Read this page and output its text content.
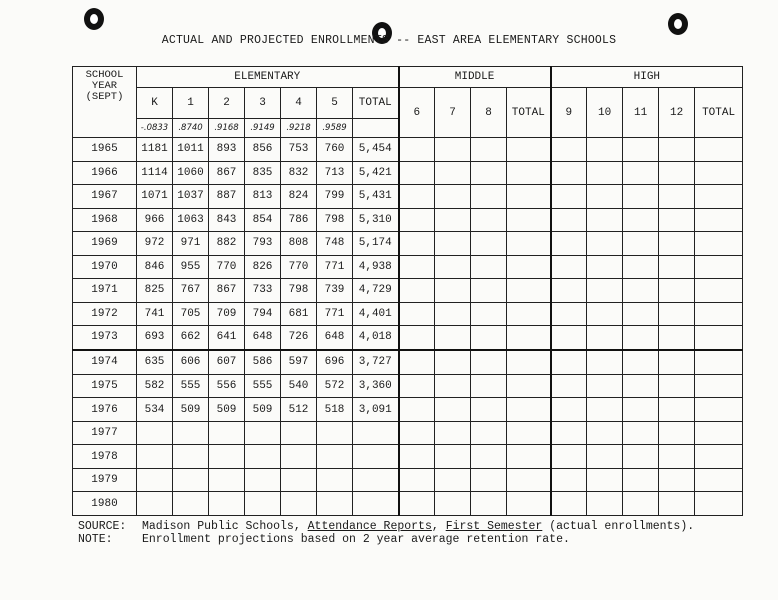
ACTUAL AND PROJECTED ENROLLMENTS -- EAST AREA ELEMENTARY SCHOOLS
SCHOOL
YEAR
(SEPT)	ELEMENTARY							MIDDLE				HIGH				
	K	1	2	3	4	5	TOTAL	6	7	8	TOTAL	9	10	11	12	TOTAL
	-.0833	.8740	.9168	.9149	.9218	.9589										
1965	1181	1011	893	856	753	760	5,454									
1966	1114	1060	867	835	832	713	5,421									
1967	1071	1037	887	813	824	799	5,431									
1968	966	1063	843	854	786	798	5,310									
1969	972	971	882	793	808	748	5,174									
1970	846	955	770	826	770	771	4,938									
1971	825	767	867	733	798	739	4,729									
1972	741	705	709	794	681	771	4,401									
1973	693	662	641	648	726	648	4,018									
1974	635	606	607	586	597	696	3,727									
1975	582	555	556	555	540	572	3,360									
1976	534	509	509	509	512	518	3,091									
1977																
1978																
1979																
1980																
SOURCE: Madison Public Schools, Attendance Reports, First Semester (actual enrollments).
NOTE:	Enrollment projections based on 2 year average retention rate.
